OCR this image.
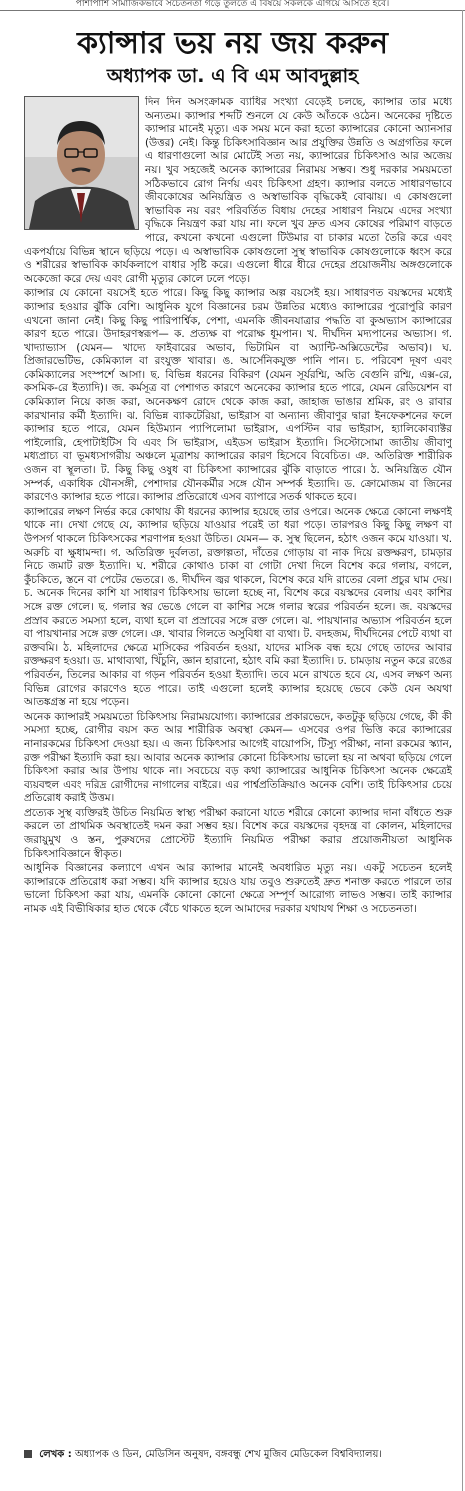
পাশাপাশি সামাজিকভাবে সচেতনতা গড়ে তুলতে এ বিষয়ে সকলকে এগিয়ে আসতে হবে।
ক্যান্সার ভয় নয় জয় করুন
অধ্যাপক ডা. এ বি এম আবদুল্লাহ

দিন দিন অসংক্রামক ব্যাধির সংখ্যা বেড়েই চলছে, ক্যান্সার তার মধ্যে অন্যতম। ক্যান্সার শব্দটি শুনলে যে কেউ আঁতকে ওঠেন। অনেকের দৃষ্টিতে ক্যান্সার মানেই মৃত্যু। এক সময় মনে করা হতো ক্যান্সারের কোনো অ্যানসার (উত্তর) নেই। কিন্তু চিকিৎসাবিজ্ঞান আর প্রযুক্তির উন্নতি ও অগ্রগতির ফলে এ ধারণাগুলো আর মোটেই সত্য নয়, ক্যান্সারের চিকিৎসাও আর অজেয় নয়। খুব সহজেই অনেক ক্যান্সারের নিরাময় সম্ভব। শুধু দরকার সময়মতো সঠিকভাবে রোগ নির্ণয় এবং চিকিৎসা গ্রহণ। ক্যান্সার বলতে সাধারণভাবে জীবকোষের অনিয়ন্ত্রিত ও অস্বাভাবিক বৃদ্ধিকেই বোঝায়। এ কোষগুলো স্বাভাবিক নয় বরং পরিবর্তিত বিধায় দেহের সাধারণ নিয়মে এদের সংখ্যা বৃদ্ধিকে নিয়ন্ত্রণ করা যায় না। ফলে খুব দ্রুত এসব কোষের পরিমাণ বাড়তে পারে, কখনো কখনো এগুলো টিউমার বা চাকার মতো তৈরি করে এবং একপর্যায়ে বিভিন্ন স্থানে ছড়িয়ে পড়ে। এ অস্বাভাবিক কোষগুলো সুস্থ স্বাভাবিক কোষগুলোকে ধ্বংস করে ও শরীরের স্বাভাবিক কার্যকলাপে বাধার সৃষ্টি করে। এগুলো ধীরে ধীরে দেহের প্রয়োজনীয় অঙ্গগুলোকে অকেজো করে দেয় এবং রোগী মৃত্যুর কোলে ঢলে পড়ে।

ক্যান্সার যে কোনো বয়সেই হতে পারে। কিছু কিছু ক্যান্সার অল্প বয়সেই হয়। সাধারণত বয়স্কদের মধ্যেই ক্যান্সার হওয়ার ঝুঁকি বেশি। আধুনিক যুগে বিজ্ঞানের চরম উন্নতির মধ্যেও ক্যান্সারের পুরোপুরি কারণ এখনো জানা নেই। কিছু কিছু পারিপার্শ্বিক, পেশা, এমনকি জীবনযাত্রার পদ্ধতি বা কুঅভ্যাস ক্যান্সারের কারণ হতে পারে। উদাহরণস্বরূপ— ক. প্রত্যক্ষ বা পরোক্ষ ধূমপান। খ. দীর্ঘদিন মদ্যপানের অভ্যাস। গ. খাদ্যাভ্যাস (যেমন— খাদ্যে ফাইবারের অভাব, ভিটামিন বা অ্যান্টি-অক্সিডেন্টের অভাব)। ঘ. প্রিজারভেটিভ, কেমিক্যাল বা রংযুক্ত খাবার। ঙ. আর্সেনিকযুক্ত পানি পান। চ. পরিবেশ দূষণ এবং কেমিক্যালের সংস্পর্শে আসা। ছ. বিভিন্ন ধরনের বিকিরণ (যেমন সূর্যরশ্মি, অতি বেগুনি রশ্মি, এক্স-রে, কসমিক-রে ইত্যাদি)। জ. কর্মসূত্র বা পেশাগত কারণে অনেকের ক্যান্সার হতে পারে, যেমন রেডিয়েশন বা কেমিক্যাল নিয়ে কাজ করা, অনেকক্ষণ রোদে থেকে কাজ করা, জাহাজ ভাঙার শ্রমিক, রং ও রাবার কারখানার কর্মী ইত্যাদি। ঝ. বিভিন্ন ব্যাকটেরিয়া, ভাইরাস বা অন্যান্য জীবাণুর দ্বারা ইনফেকশনের ফলে ক্যান্সার হতে পারে, যেমন হিউম্যান প্যাপিলোমা ভাইরাস, এপস্টিন বার ভাইরাস, হ্যালিকোব্যাক্টর পাইলোরি, হেপাটাইটিস বি এবং সি ভাইরাস, এইডস ভাইরাস ইত্যাদি। সিস্টোসোমা জাতীয় জীবাণু মধ্যপ্রাচ্য বা ভূমধ্যসাগরীয় অঞ্চলে মূত্রাশয় ক্যান্সারের কারণ হিসেবে বিবেচিত। ঞ. অতিরিক্ত শারীরিক ওজন বা স্থূলতা। ট. কিছু কিছু ওষুধ বা চিকিৎসা ক্যান্সারের ঝুঁকি বাড়াতে পারে। ঠ. অনিয়ন্ত্রিত যৌন সম্পর্ক, একাধিক যৌনসঙ্গী, পেশাদার যৌনকর্মীর সঙ্গে যৌন সম্পর্ক ইত্যাদি। ড. ক্রোমোজম বা জিনের কারণেও ক্যান্সার হতে পারে। ক্যান্সার প্রতিরোধে এসব ব্যাপারে সতর্ক থাকতে হবে।

ক্যান্সারের লক্ষণ নির্ভর করে কোথায় কী ধরনের ক্যান্সার হয়েছে তার ওপরে। অনেক ক্ষেত্রে কোনো লক্ষণই থাকে না। দেখা গেছে যে, ক্যান্সার ছড়িয়ে যাওয়ার পরেই তা ধরা পড়ে। তারপরও কিছু কিছু লক্ষণ বা উপসর্গ থাকলে চিকিৎসকের শরণাপন্ন হওয়া উচিত। যেমন— ক. সুস্থ ছিলেন, হঠাৎ ওজন কমে যাওয়া। খ. অরুচি বা ক্ষুধামন্দা। গ. অতিরিক্ত দুর্বলতা, রক্তাল্পতা, দাঁতের গোড়ায় বা নাক দিয়ে রক্তক্ষরণ, চামড়ার নিচে জমাট রক্ত ইত্যাদি। ঘ. শরীরে কোথাও চাকা বা গোটা দেখা দিলে বিশেষ করে গলায়, বগলে, কুঁচকিতে, স্তনে বা পেটের ভেতরে। ঙ. দীর্ঘদিন জ্বর থাকলে, বিশেষ করে যদি রাতের বেলা প্রচুর ঘাম দেয়। চ. অনেক দিনের কাশি যা সাধারণ চিকিৎসায় ভালো হচ্ছে না, বিশেষ করে বয়স্কদের বেলায় এবং কাশির সঙ্গে রক্ত গেলে। ছ. গলার স্বর ভেঙে গেলে বা কাশির সঙ্গে গলার স্বরের পরিবর্তন হলে। জ. বয়স্কদের প্রস্রাব করতে সমস্যা হলে, ব্যথা হলে বা প্রস্রাবের সঙ্গে রক্ত গেলে। ঝ. পায়খানার অভ্যাস পরিবর্তন হলে বা পায়খানার সঙ্গে রক্ত গেলে। ঞ. খাবার গিলতে অসুবিধা বা ব্যথা। ট. বদহজম, দীর্ঘদিনের পেটে ব্যথা বা রক্তবমি। ঠ. মহিলাদের ক্ষেত্রে মাসিকের পরিবর্তন হওয়া, যাদের মাসিক বন্ধ হয়ে গেছে তাদের আবার রক্তক্ষরণ হওয়া। ড. মাথাব্যথা, খিঁচুনি, জ্ঞান হারানো, হঠাৎ বমি করা ইত্যাদি। ঢ. চামড়ায় নতুন করে রঙের পরিবর্তন, তিলের আকার বা গড়ন পরিবর্তন হওয়া ইত্যাদি। তবে মনে রাখতে হবে যে, এসব লক্ষণ অন্য বিভিন্ন রোগের কারণেও হতে পারে। তাই এগুলো হলেই ক্যান্সার হয়েছে ভেবে কেউ যেন অযথা আতঙ্কগ্রস্ত না হয়ে পড়েন।

অনেক ক্যান্সারই সময়মতো চিকিৎসায় নিরাময়যোগ্য। ক্যান্সারের প্রকারভেদে, কতটুকু ছড়িয়ে গেছে, কী কী সমস্যা হচ্ছে, রোগীর বয়স কত আর শারীরিক অবস্থা কেমন— এসবের ওপর ভিত্তি করে ক্যান্সারের নানারকমের চিকিৎসা দেওয়া হয়। এ জন্য চিকিৎসার আগেই বায়োপসি, টিস্যু পরীক্ষা, নানা রকমের স্ক্যান, রক্ত পরীক্ষা ইত্যাদি করা হয়। আবার অনেক ক্যান্সার কোনো চিকিৎসায় ভালো হয় না অথবা ছড়িয়ে গেলে চিকিৎসা করার আর উপায় থাকে না। সবচেয়ে বড় কথা ক্যান্সারের আধুনিক চিকিৎসা অনেক ক্ষেত্রেই ব্যয়বহুল এবং দরিদ্র রোগীদের নাগালের বাইরে। এর পার্শ্বপ্রতিক্রিয়াও অনেক বেশি। তাই চিকিৎসার চেয়ে প্রতিরোধ করাই উত্তম।

প্রত্যেক সুস্থ ব্যক্তিরই উচিত নিয়মিত স্বাস্থ্য পরীক্ষা করানো যাতে শরীরে কোনো ক্যান্সার দানা বাঁধতে শুরু করলে তা প্রাথমিক অবস্থাতেই দমন করা সম্ভব হয়। বিশেষ করে বয়স্কদের বৃহদন্ত্র বা কোলন, মহিলাদের জরায়ুমুখ ও স্তন, পুরুষদের প্রোস্টেট ইত্যাদি নিয়মিত পরীক্ষা করার প্রয়োজনীয়তা আধুনিক চিকিৎসাবিজ্ঞানে স্বীকৃত।

আধুনিক বিজ্ঞানের কল্যাণে এখন আর ক্যান্সার মানেই অবধারিত মৃত্যু নয়। একটু সচেতন হলেই ক্যান্সারকে প্রতিরোধ করা সম্ভব। যদি ক্যান্সার হয়েও যায় তবুও শুরুতেই দ্রুত শনাক্ত করতে পারলে তার ভালো চিকিৎসা করা যায়, এমনকি কোনো কোনো ক্ষেত্রে সম্পূর্ণ আরোগ্য লাভও সম্ভব। তাই ক্যান্সার নামক এই বিভীষিকার হাত থেকে বেঁচে থাকতে হলে আমাদের দরকার যথাযথ শিক্ষা ও সচেতনতা।

লেখক : অধ্যাপক ও ডিন, মেডিসিন অনুষদ, বঙ্গবন্ধু শেখ মুজিব মেডিকেল বিশ্ববিদ্যালয়।
